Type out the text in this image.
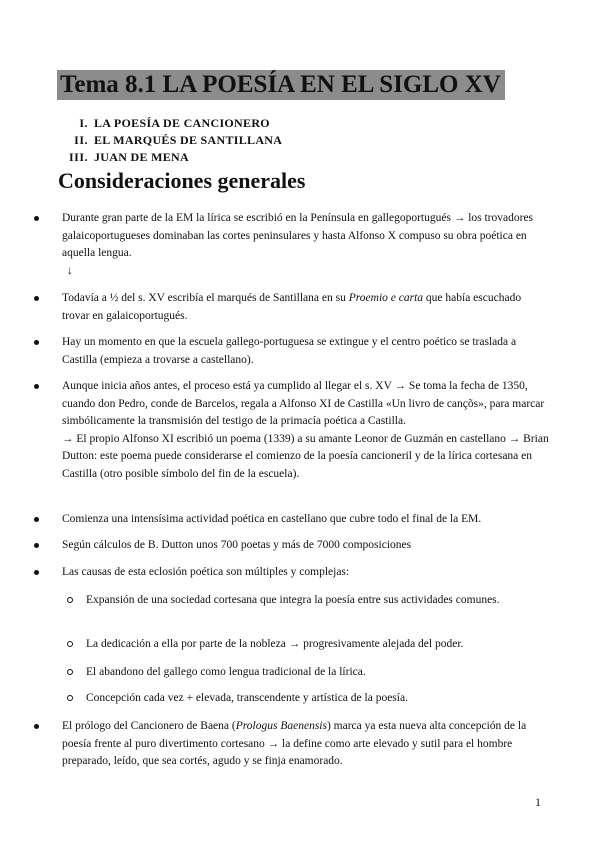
Tema 8.1 LA POESÍA EN EL SIGLO XV
I. LA POESÍA DE CANCIONERO
II. EL MARQUÉS DE SANTILLANA
III. JUAN DE MENA
Consideraciones generales
Durante gran parte de la EM la lírica se escribió en la Península en gallegoportugués → los trovadores galaicoportugueses dominaban las cortes peninsulares y hasta Alfonso X compuso su obra poética en aquella lengua.
↓
Todavía a ½ del s. XV escribía el marqués de Santillana en su Proemio e carta que había escuchado trovar en galaicoportugués.
Hay un momento en que la escuela gallego-portuguesa se extingue y el centro poético se traslada a Castilla (empieza a trovarse a castellano).
Aunque inicia años antes, el proceso está ya cumplido al llegar el s. XV → Se toma la fecha de 1350, cuando don Pedro, conde de Barcelos, regala a Alfonso XI de Castilla «Un livro de cançõs», para marcar simbólicamente la transmisión del testigo de la primacía poética a Castilla.
→ El propio Alfonso XI escribió un poema (1339) a su amante Leonor de Guzmán en castellano → Brian Dutton: este poema puede considerarse el comienzo de la poesía cancioneril y de la lírica cortesana en Castilla (otro posible símbolo del fin de la escuela).
Comienza una intensísima actividad poética en castellano que cubre todo el final de la EM.
Según cálculos de B. Dutton unos 700 poetas y más de 7000 composiciones
Las causas de esta eclosión poética son múltiples y complejas:
Expansión de una sociedad cortesana que integra la poesía entre sus actividades comunes.
La dedicación a ella por parte de la nobleza → progresivamente alejada del poder.
El abandono del gallego como lengua tradicional de la lírica.
Concepción cada vez + elevada, transcendente y artística de la poesía.
El prólogo del Cancionero de Baena (Prologus Baenensis) marca ya esta nueva alta concepción de la poesía frente al puro divertimento cortesano → la define como arte elevado y sutil para el hombre preparado, leído, que sea cortés, agudo y se finja enamorado.
1
